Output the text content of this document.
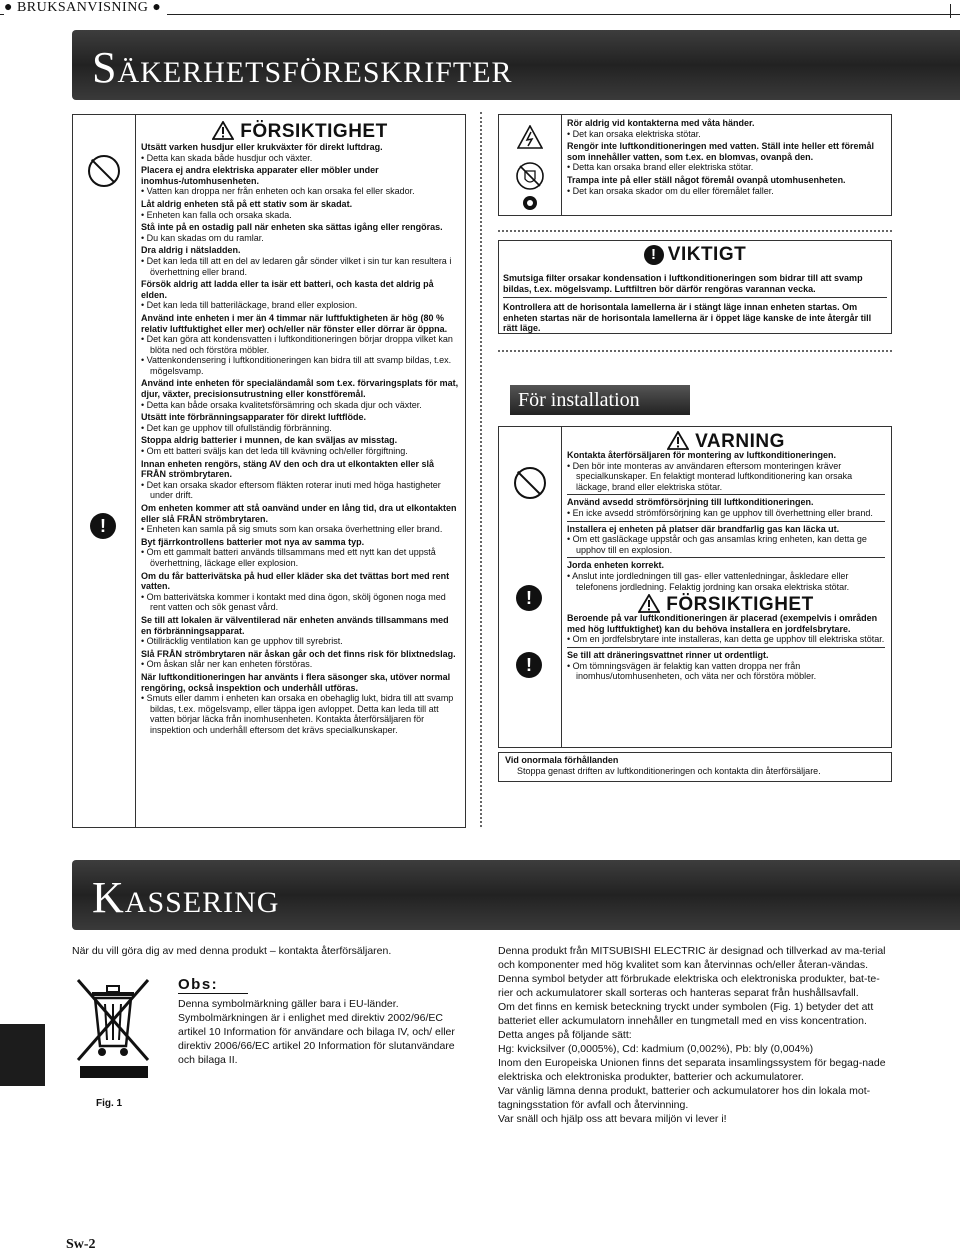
● BRUKSANVISNING ●
SÄKERHETSFÖRESKRIFTER
!
FÖRSIKTIGHET
Utsätt varken husdjur eller krukväxter för direkt luftdrag.
• Detta kan skada både husdjur och växter.
Placera ej andra elektriska apparater eller möbler under inomhus-/utomhusenheten.
• Vatten kan droppa ner från enheten och kan orsaka fel eller skador.
Låt aldrig enheten stå på ett stativ som är skadat.
• Enheten kan falla och orsaka skada.
Stå inte på en ostadig pall när enheten ska sättas igång eller rengöras.
• Du kan skadas om du ramlar.
Dra aldrig i nätsladden.
• Det kan leda till att en del av ledaren går sönder vilket i sin tur kan resultera i överhettning eller brand.
Försök aldrig att ladda eller ta isär ett batteri, och kasta det aldrig på elden.
• Det kan leda till batteriläckage, brand eller explosion.
Använd inte enheten i mer än 4 timmar när luftfuktigheten är hög (80 % relativ luftfuktighet eller mer) och/eller när fönster eller dörrar är öppna.
• Det kan göra att kondensvatten i luftkonditioneringen börjar droppa vilket kan blöta ned och förstöra möbler.
• Vattenkondensering i luftkonditioneringen kan bidra till att svamp bildas, t.ex. mögelsvamp.
Använd inte enheten för specialändamål som t.ex. förvaringsplats för mat, djur, växter, precisionsutrustning eller konstföremål.
• Detta kan både orsaka kvalitetsförsämring och skada djur och växter.
Utsätt inte förbränningsapparater för direkt luftflöde.
• Det kan ge upphov till ofullständig förbränning.
Stoppa aldrig batterier i munnen, de kan sväljas av misstag.
• Om ett batteri sväljs kan det leda till kvävning och/eller förgiftning.
Innan enheten rengörs, stäng AV den och dra ut elkontakten eller slå FRÅN strömbrytaren.
• Det kan orsaka skador eftersom fläkten roterar inuti med höga hastigheter under drift.
Om enheten kommer att stå oanvänd under en lång tid, dra ut elkontakten eller slå FRÅN strömbrytaren.
• Enheten kan samla på sig smuts som kan orsaka överhettning eller brand.
Byt fjärrkontrollens batterier mot nya av samma typ.
• Om ett gammalt batteri används tillsammans med ett nytt kan det uppstå överhettning, läckage eller explosion.
Om du får batterivätska på hud eller kläder ska det tvättas bort med rent vatten.
• Om batterivätska kommer i kontakt med dina ögon, skölj ögonen noga med rent vatten och sök genast vård.
Se till att lokalen är välventilerad när enheten används tillsammans med en förbränningsapparat.
• Otillräcklig ventilation kan ge upphov till syrebrist.
Slå FRÅN strömbrytaren när åskan går och det finns risk för blixtnedslag.
• Om åskan slår ner kan enheten förstöras.
När luftkonditioneringen har använts i flera säsonger ska, utöver normal rengöring, också inspektion och underhåll utföras.
• Smuts eller damm i enheten kan orsaka en obehaglig lukt, bidra till att svamp bildas, t.ex. mögelsvamp, eller täppa igen avloppet. Detta kan leda till att vatten börjar läcka från inomhusenheten. Kontakta återförsäljaren för inspektion och underhåll eftersom det krävs specialkunskaper.
Rör aldrig vid kontakterna med våta händer.
• Det kan orsaka elektriska stötar.
Rengör inte luftkonditioneringen med vatten. Ställ inte heller ett föremål som innehåller vatten, som t.ex. en blomvas, ovanpå den.
• Detta kan orsaka brand eller elektriska stötar.
Trampa inte på eller ställ något föremål ovanpå utomhusenheten.
• Det kan orsaka skador om du eller föremålet faller.
! VIKTIGT

Smutsiga filter orsakar kondensation i luftkonditioneringen som bidrar till att svamp bildas, t.ex. mögelsvamp. Luftfiltren bör därför rengöras varannan vecka.

Kontrollera att de horisontala lamellerna är i stängt läge innan enheten startas. Om enheten startas när de horisontala lamellerna är i öppet läge kanske de inte återgår till rätt läge.

För installation
!
!
VARNING
Kontakta återförsäljaren för montering av luftkonditioneringen.
• Den bör inte monteras av användaren eftersom monteringen kräver specialkunskaper. En felaktigt monterad luftkonditionering kan orsaka läckage, brand eller elektriska stötar.
Använd avsedd strömförsörjning till luftkonditioneringen.
• En icke avsedd strömförsörjning kan ge upphov till överhettning eller brand.
Installera ej enheten på platser där brandfarlig gas kan läcka ut.
• Om ett gasläckage uppstår och gas ansamlas kring enheten, kan detta ge upphov till en explosion.
Jorda enheten korrekt.
• Anslut inte jordledningen till gas- eller vattenledningar, åskledare eller telefonens jordledning. Felaktig jordning kan orsaka elektriska stötar.
FÖRSIKTIGHET
Beroende på var luftkonditioneringen är placerad (exempelvis i områden med hög luftfuktighet) kan du behöva installera en jordfelsbrytare.
• Om en jordfelsbrytare inte installeras, kan detta ge upphov till elektriska stötar.
Se till att dräneringsvattnet rinner ut ordentligt.
• Om tömningsvägen är felaktig kan vatten droppa ner från inomhus/utomhusenheten, och väta ner och förstöra möbler.
Vid onormala förhållanden
Stoppa genast driften av luftkonditioneringen och kontakta din återförsäljare.
KASSERING
När du vill göra dig av med denna produkt – kontakta återförsäljaren.
Fig. 1
Obs:
Denna symbolmärkning gäller bara i EU-länder.
Symbolmärkningen är i enlighet med direktiv 2002/96/EC artikel 10 Information för användare och bilaga IV, och/ eller direktiv 2006/66/EC artikel 20 Information för slutanvändare och bilaga II.
Denna produkt från MITSUBISHI ELECTRIC är designad och tillverkad av ma-terial och komponenter med hög kvalitet som kan återvinnas och/eller återan-vändas.
Denna symbol betyder att förbrukade elektriska och elektroniska produkter, bat-te-rier och ackumulatorer skall sorteras och hanteras separat från hushållsavfall.
Om det finns en kemisk beteckning tryckt under symbolen (Fig. 1) betyder det att batteriet eller ackumulatorn innehåller en tungmetall med en viss koncentration.
Detta anges på följande sätt:
Hg: kvicksilver (0,0005%), Cd: kadmium (0,002%), Pb: bly (0,004%)
Inom den Europeiska Unionen finns det separata insamlingssystem för begag-nade elektriska och elektroniska produkter, batterier och ackumulatorer.
Var vänlig lämna denna produkt, batterier och ackumulatorer hos din lokala mot-tagningsstation för avfall och återvinning.
Var snäll och hjälp oss att bevara miljön vi lever i!
Sw-2
